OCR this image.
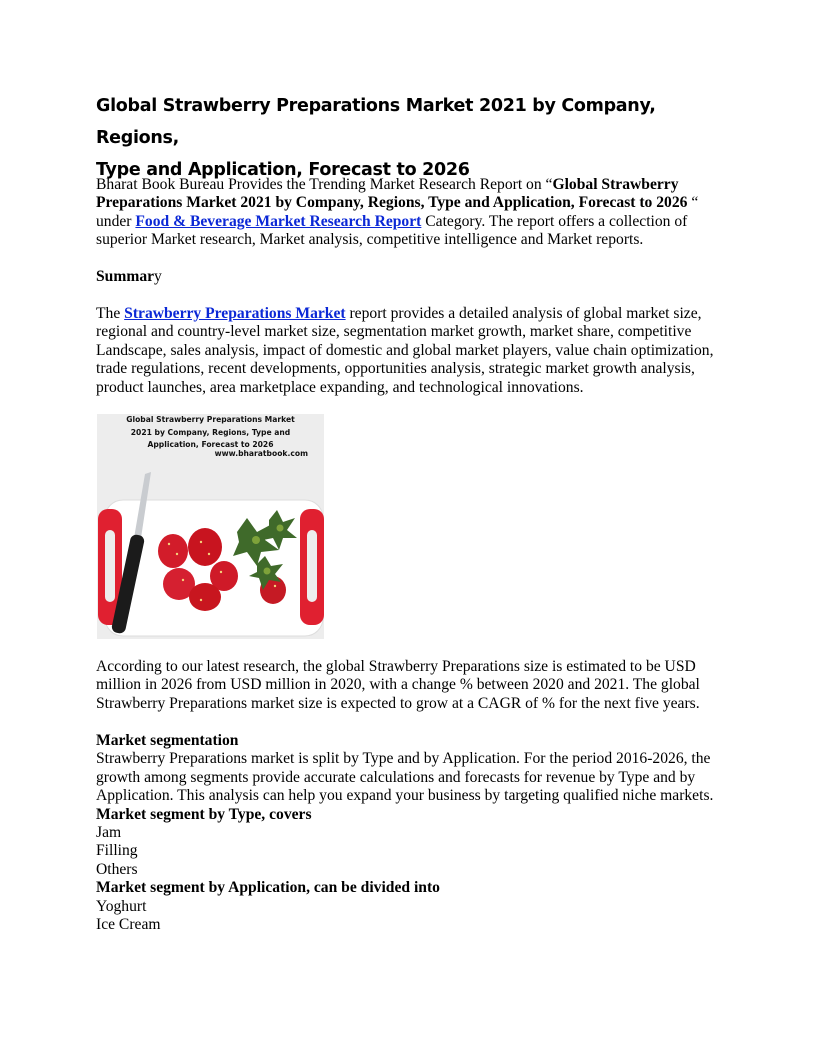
Global Strawberry Preparations Market 2021 by Company, Regions,
Type and Application, Forecast to 2026

Bharat Book Bureau Provides the Trending Market Research Report on “Global Strawberry Preparations Market 2021 by Company, Regions, Type and Application, Forecast to 2026 “ under Food & Beverage Market Research Report Category. The report offers a collection of superior Market research, Market analysis, competitive intelligence and Market reports.

Summary

The Strawberry Preparations Market report provides a detailed analysis of global market size, regional and country-level market size, segmentation market growth, market share, competitive Landscape, sales analysis, impact of domestic and global market players, value chain optimization, trade regulations, recent developments, opportunities analysis, strategic market growth analysis, product launches, area marketplace expanding, and technological innovations.

Global Strawberry Preparations Market
2021 by Company, Regions, Type and
Application, Forecast to 2026
www.bharatbook.com

According to our latest research, the global Strawberry Preparations size is estimated to be USD million in 2026 from USD million in 2020, with a change % between 2020 and 2021. The global Strawberry Preparations market size is expected to grow at a CAGR of % for the next five years.

Market segmentation
Strawberry Preparations market is split by Type and by Application. For the period 2016-2026, the growth among segments provide accurate calculations and forecasts for revenue by Type and by Application. This analysis can help you expand your business by targeting qualified niche markets.
Market segment by Type, covers
Jam
Filling
Others
Market segment by Application, can be divided into
Yoghurt
Ice Cream
